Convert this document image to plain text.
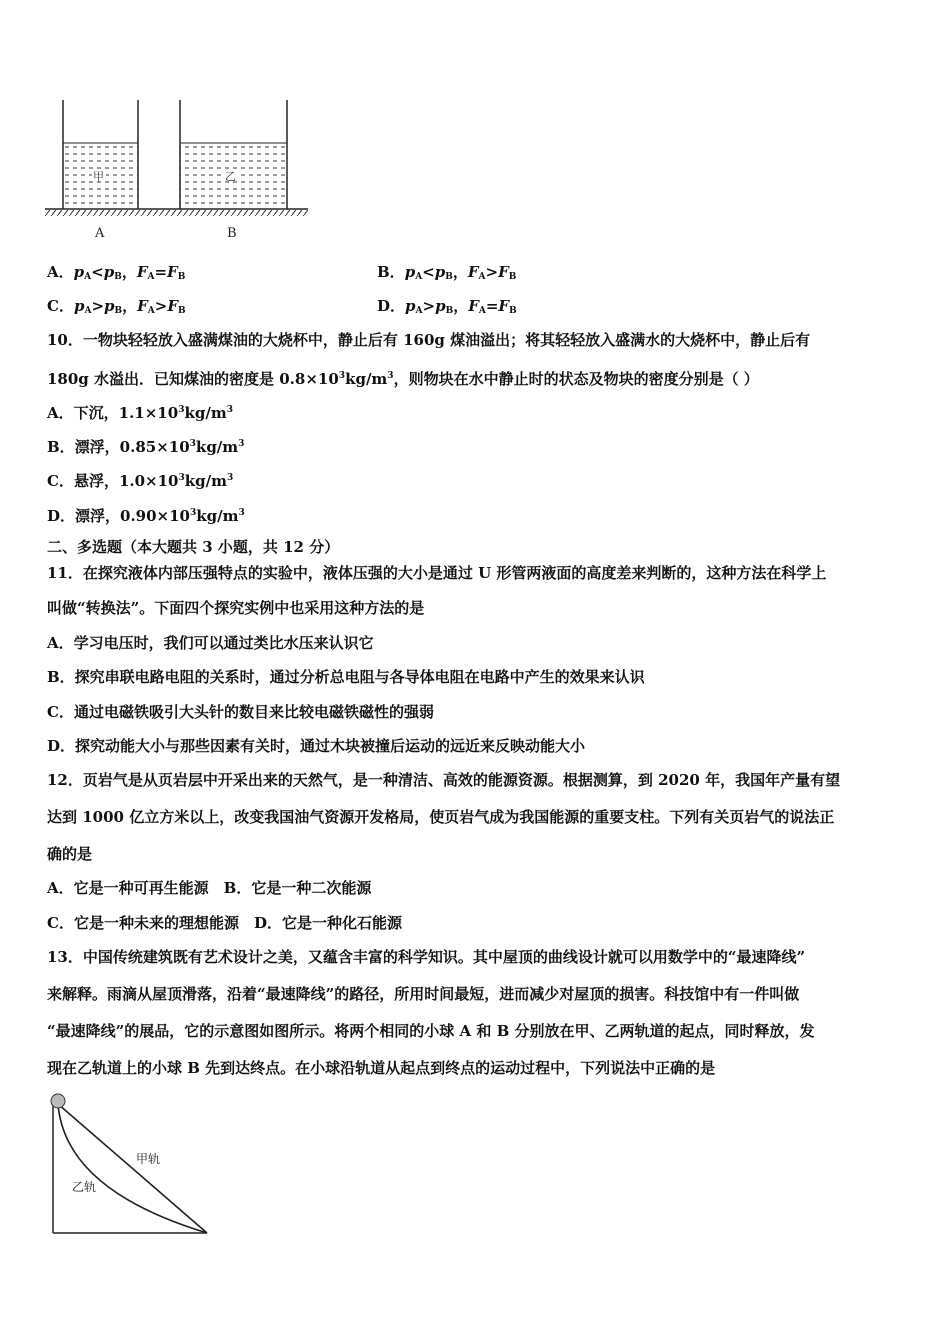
甲	乙
A	B
A．$p_A<p_B$，$F_A=F_B$	B．$p_A<p_B$，$F_A>F_B$
C．$p_A>p_B$，$F_A>F_B$	D．$p_A>p_B$，$F_A=F_B$
10．一物块轻轻放入盛满煤油的大烧杯中，静止后有 160g 煤油溢出；将其轻轻放入盛满水的大烧杯中，静止后有
180g 水溢出．已知煤油的密度是 $0.8\times 10^3kg/m^3$，则物块在水中静止时的状态及物块的密度分别是（ ）
A．下沉，$1.1\times 10^3kg/m^3$
B．漂浮，$0.85\times 10^3kg/m^3$
C．悬浮，$1.0\times 10^3kg/m^3$
D．漂浮，$0.90\times 10^3kg/m^3$
二、多选题（本大题共 3 小题，共 12 分）
11．在探究液体内部压强特点的实验中，液体压强的大小是通过 U 形管两液面的高度差来判断的，这种方法在科学上
叫做“转换法”。下面四个探究实例中也采用这种方法的是
A．学习电压时，我们可以通过类比水压来认识它
B．探究串联电路电阻的关系时，通过分析总电阻与各导体电阻在电路中产生的效果来认识
C．通过电磁铁吸引大头针的数目来比较电磁铁磁性的强弱
D．探究动能大小与那些因素有关时，通过木块被撞后运动的远近来反映动能大小
12．页岩气是从页岩层中开采出来的天然气，是一种清洁、高效的能源资源。根据测算，到 2020 年，我国年产量有望
达到 1000 亿立方米以上，改变我国油气资源开发格局，使页岩气成为我国能源的重要支柱。下列有关页岩气的说法正
确的是
A．它是一种可再生能源　B．它是一种二次能源
C．它是一种未来的理想能源　D．它是一种化石能源
13．中国传统建筑既有艺术设计之美，又蕴含丰富的科学知识。其中屋顶的曲线设计就可以用数学中的“最速降线”
来解释。雨滴从屋顶滑落，沿着“最速降线”的路径，所用时间最短，进而减少对屋顶的损害。科技馆中有一件叫做
“最速降线”的展品，它的示意图如图所示。将两个相同的小球 A 和 B 分别放在甲、乙两轨道的起点，同时释放，发
现在乙轨道上的小球 B 先到达终点。在小球沿轨道从起点到终点的运动过程中，下列说法中正确的是
甲轨
乙轨
